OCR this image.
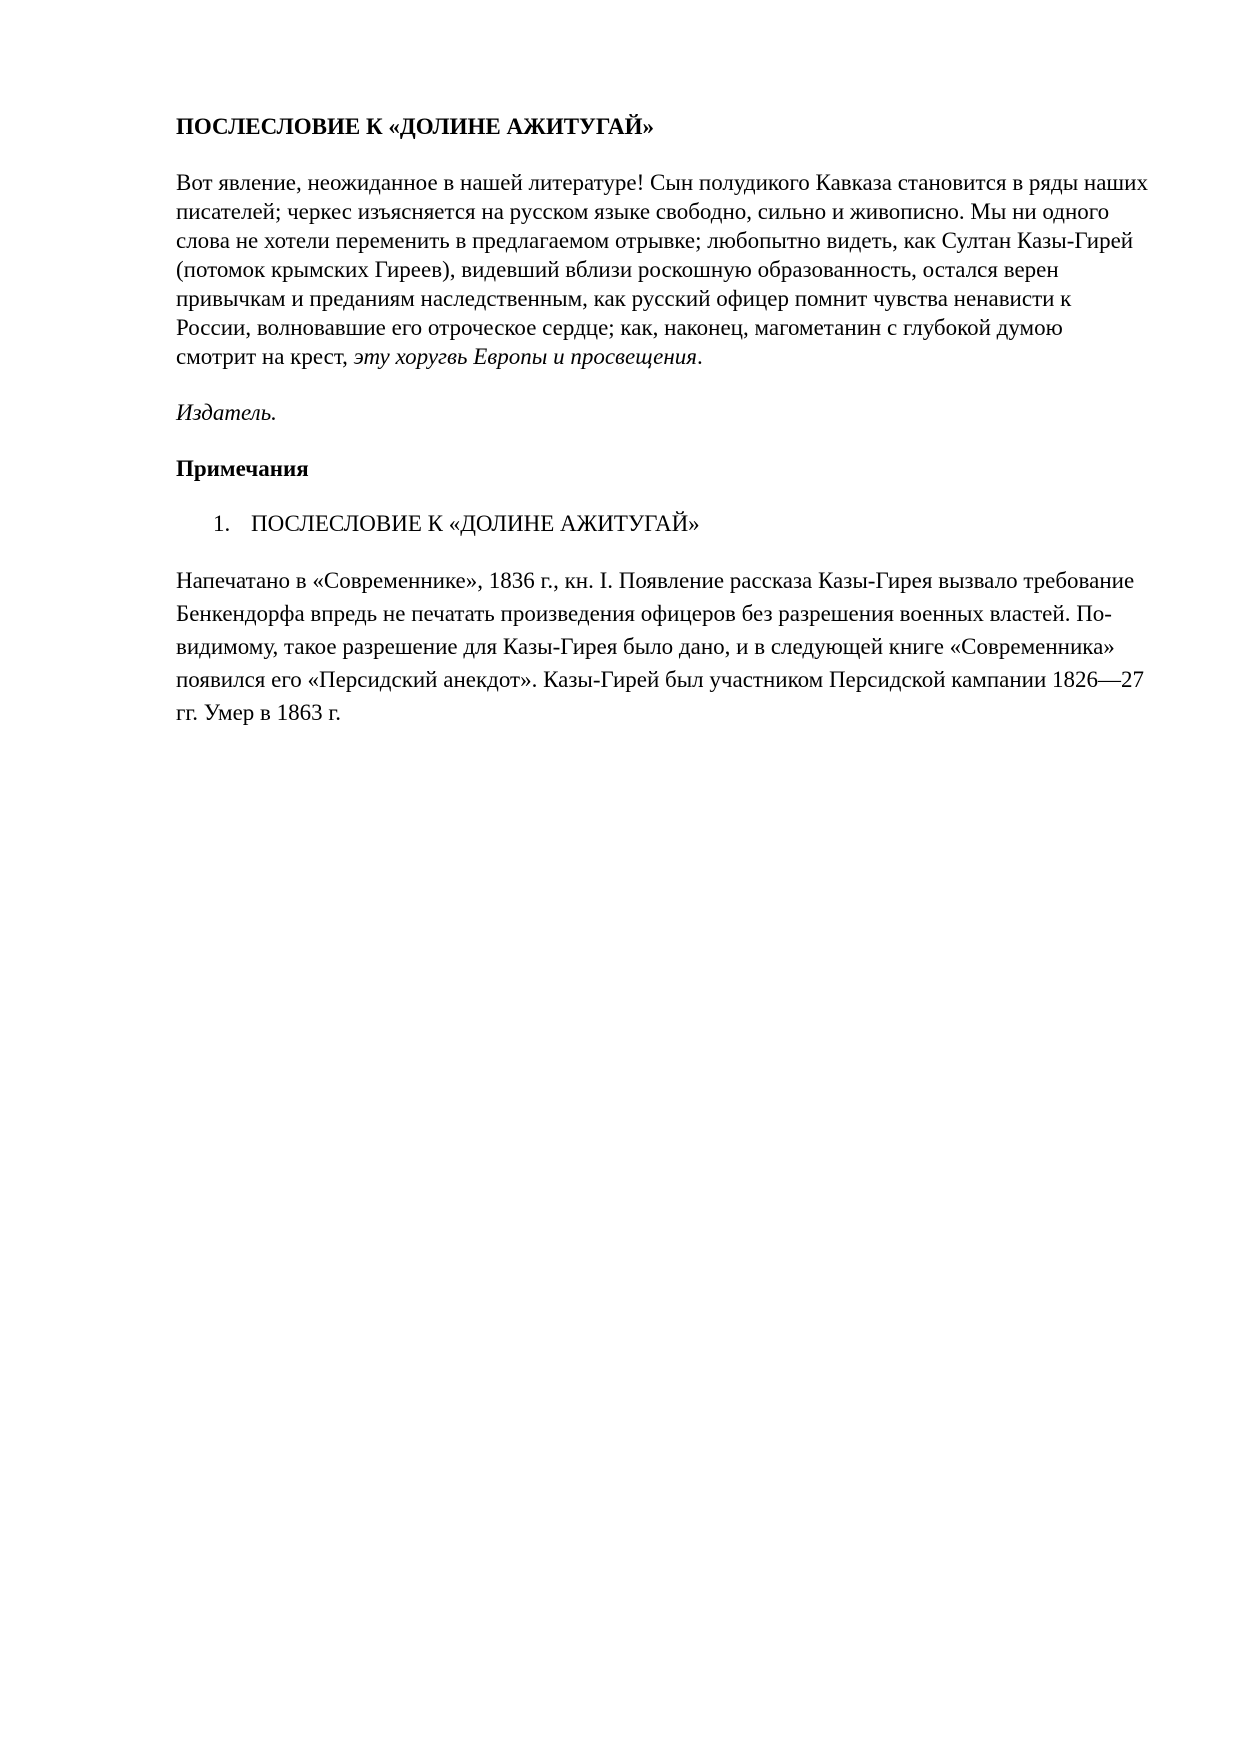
ПОСЛЕСЛОВИЕ К «ДОЛИНЕ АЖИТУГАЙ»

Вот явление, неожиданное в нашей литературе! Сын полудикого Кавказа становится в ряды наших писателей; черкес изъясняется на русском языке свободно, сильно и живописно. Мы ни одного слова не хотели переменить в предлагаемом отрывке; любопытно видеть, как Султан Казы-Гирей (потомок крымских Гиреев), видевший вблизи роскошную образованность, остался верен привычкам и преданиям наследственным, как русский офицер помнит чувства ненависти к России, волновавшие его отроческое сердце; как, наконец, магометанин с глубокой думою смотрит на крест, эту хоругвь Европы и просвещения.

Издатель.
Примечания
1. ПОСЛЕСЛОВИЕ К «ДОЛИНЕ АЖИТУГАЙ»

Напечатано в «Современнике», 1836 г., кн. I. Появление рассказа Казы-Гирея вызвало требование Бенкендорфа впредь не печатать произведения офицеров без разрешения военных властей. По-видимому, такое разрешение для Казы-Гирея было дано, и в следующей книге «Современника» появился его «Персидский анекдот». Казы-Гирей был участником Персидской кампании 1826—27 гг. Умер в 1863 г.
